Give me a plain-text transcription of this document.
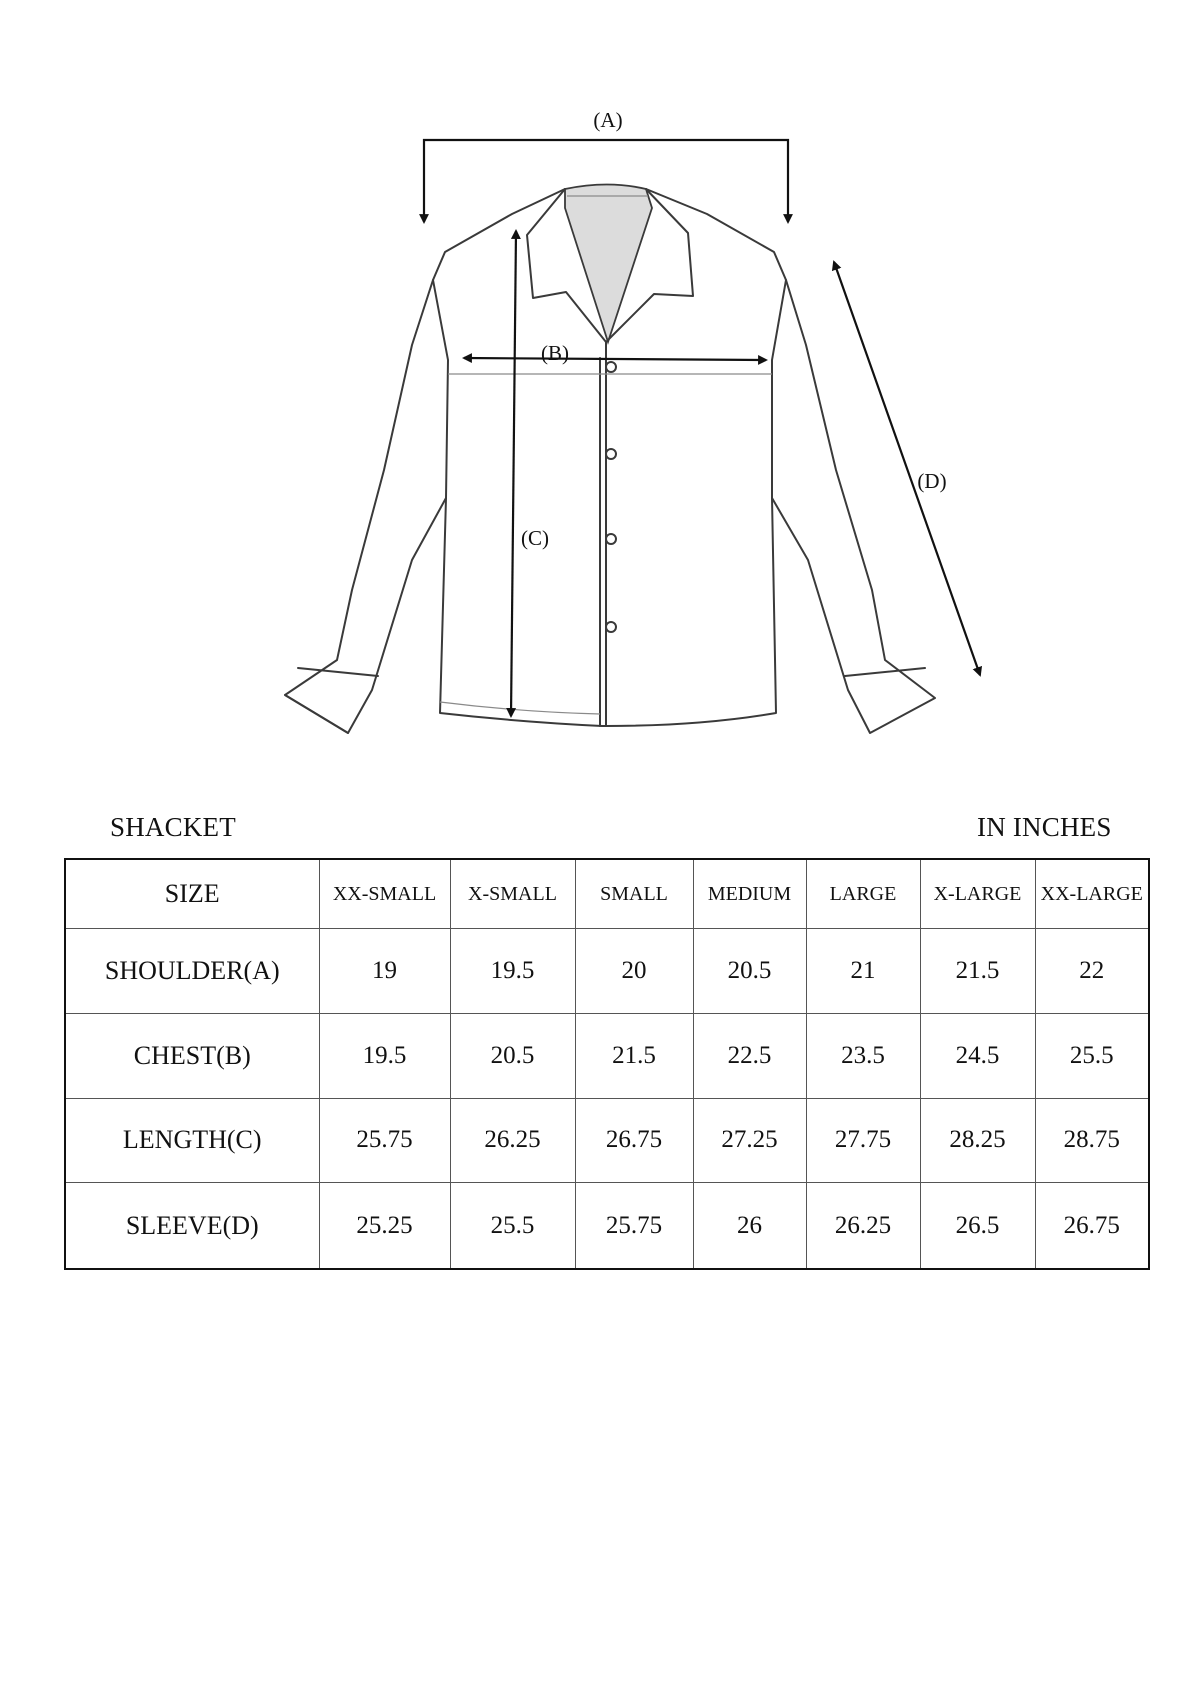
(A)
(B)
(C)
(D)
SHACKET	IN INCHES
SIZE	XX-SMALL	X-SMALL	SMALL	MEDIUM	LARGE	X-LARGE	XX-LARGE
SHOULDER(A)	19	19.5	20	20.5	21	21.5	22
CHEST(B)	19.5	20.5	21.5	22.5	23.5	24.5	25.5
LENGTH(C)	25.75	26.25	26.75	27.25	27.75	28.25	28.75
SLEEVE(D)	25.25	25.5	25.75	26	26.25	26.5	26.75
